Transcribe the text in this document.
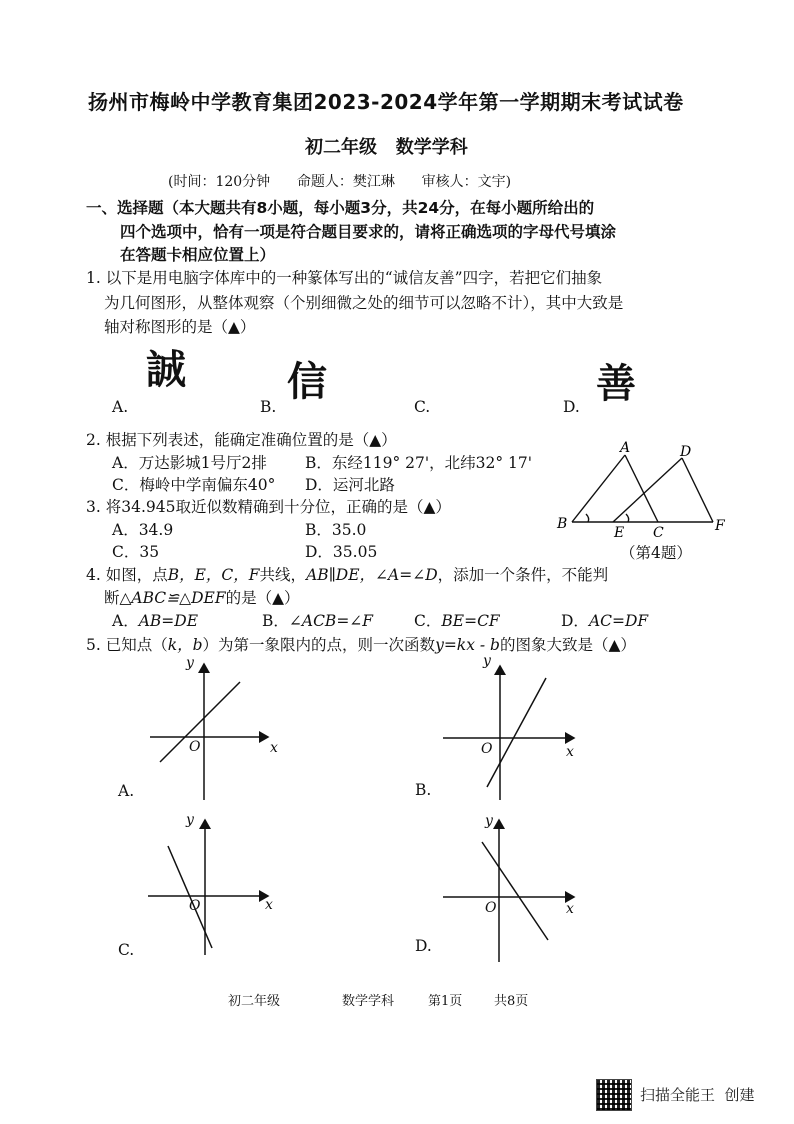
扬州市梅岭中学教育集团2023-2024学年第一学期期末考试试卷
初二年级   数学学科
(时间：120分钟      命题人：樊江琳      审核人：文宇)
一、选择题（本大题共有8小题，每小题3分，共24分，在每小题所给出的
四个选项中，恰有一项是符合题目要求的，请将正确选项的字母代号填涂
在答题卡相应位置上）
1. 以下是用电脑字体库中的一种篆体写出的“诚信友善”四字，若把它们抽象
为几何图形，从整体观察（个别细微之处的细节可以忽略不计），其中大致是
轴对称图形的是（▲）
誠	信	善
A.	B.	C.	D.
2. 根据下列表述，能确定准确位置的是（▲）
A．万达影城1号厅2排 B．东经119° 27'，北纬32° 17'
C．梅岭中学南偏东40° D．运河北路
3. 将34.945取近似数精确到十分位，正确的是（▲）
A．34.9	B．35.0
C．35	D．35.05
A	D
B
E C	F
（第4题）
4. 如图，点B，E，C，F共线，AB∥DE，∠A=∠D，添加一个条件，不能判
断△ABC≌△DEF的是（▲）
A．AB=DE	B．∠ACB=∠F	C．BE=CF	D．AC=DF
5. 已知点（k，b）为第一象限内的点，则一次函数y=kx - b的图象大致是（▲）
y
x
O
y
x
O
y
x
O
y
x
O
A.	B.
C.	D.
初二年级	数学学科	第1页 共8页
扫描全能王  创建
